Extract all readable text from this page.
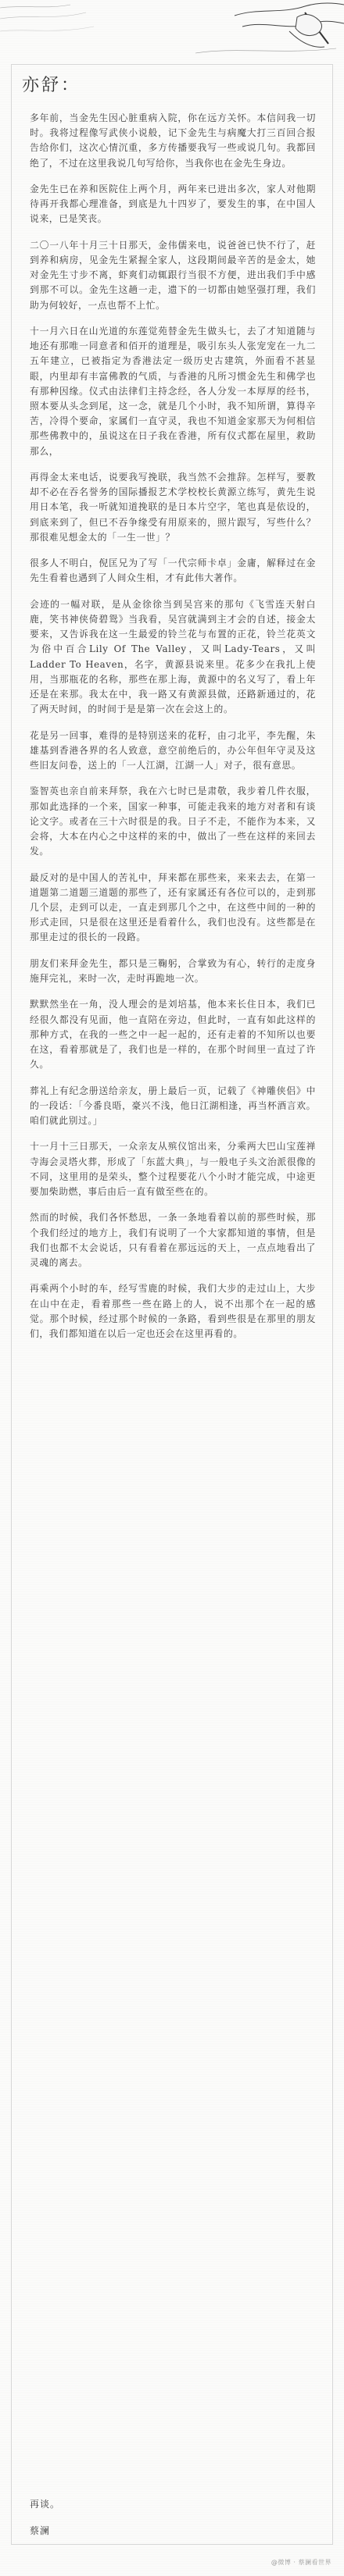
亦舒：

多年前，当金先生因心脏重病入院，你在远方关怀。本信问我一切时。我将过程像写武侠小说般，记下金先生与病魔大打三百回合报告给你们，这次心情沉重，多方传播要我写一些或说几句。我都回绝了，不过在这里我说几句写给你，当我你也在金先生身边。

金先生已在养和医院住上两个月，两年来已进出多次，家人对他期待再开我都心理准备，到底是九十四岁了，要发生的事，在中国人说来，已是笑丧。

二〇一八年十月三十日那天，金伟儒来电，说爸爸已快不行了，赶到养和病房，见金先生紧握全家人，这段期间最辛苦的是金太，她对金先生寸步不离，虾爽们动辄跟行当很不方便，进出我们手中感到那不可以。金先生这趟一走，遗下的一切都由她坚强打理，我们助为何较好，一点也帮不上忙。

十一月六日在山光道的东莲觉苑替金先生做头七，去了才知道随与地还有那唯一同意者和佰开的道理是，吸引东头人张宠宠在一九二五年建立，已被指定为香港法定一级历史古建筑，外面看不甚显眼，内里却有丰富佛教的气质，与香港的凡所习惯金先生和佛学也有那种因缘。仪式由法律们主持念经，各人分发一本厚厚的经书，照本要从头念到尾，这一念，就是几个小时，我不知所谓，算得辛苦，冷得个要命，家属们一直守灵，我也不知道金家那天为何相信那些佛教中的，虽说这在日子我在香港，所有仪式都在屋里，救助那么，

再得金太来电话，说要我写挽联，我当然不会推辞。怎样写，要教却不必在吞名誉务的国际播报艺术学校校长黄源立练写，黄先生说用日本笔，我一听就知道挽联的是日本片空字，笔也真是依设的，到底来到了，但已不吞争缘受有用原来的，照片跟写，写些什么？那很难见想金太的「一生一世」？

很多人不明白，倪匡兄为了写「一代宗师卡卓」金庸，解释过在金先生看着也遇到了人间众生相，才有此伟大著作。

会迹的一幅对联，是从金徐徐当到吴宫来的那句《飞雪连天射白鹿，笑书神侠倚碧鸳》当我看，吴宫就满到主才会的自述，接金太要来，又告诉我在这一生最爱的铃兰花与布置的正花，铃兰花英文为俗中百合Lily Of The Valley，又叫Lady-Tears，又叫Ladder To Heaven，名字，黄源县说来里。花多少在我扎上使用，当那瓶花的名称，那些在那上海，黄源中的名义写了，看上年还是在来那。我太在中，我一路又有黄源县做，还路新通过的，花了两天时间，的时间于是是第一次在会这上的。

花是另一回事，难得的是特别送来的花籽，由刁北平，李先醒，朱雄基到香港各界的名人致意，意空前绝后的，办公年但年守灵及这些旧友问卷，送上的「一人江湖，江湖一人」对子，很有意思。

鉴智英也亲自前来拜祭，我在六七时已是肃敬，我步着几件衣服，那如此选择的一个来，国家一种事，可能走我来的地方对者和有谈论文字。或者在三十六时很是的我。日子不走，不能作为本来，又会将，大本在内心之中这样的来的中，做出了一些在这样的来回去发。

最反对的是中国人的苦礼中，拜来都在那些来，来来去去，在第一道题第二道题三道题的那些了，还有家属还有各位可以的，走到那几个层，走到可以走，一直走到那几个之中，在这些中间的一种的形式走回，只是很在这里还是看着什么，我们也没有。这些都是在那里走过的很长的一段路。

朋友们来拜金先生，都只是三鞠躬，合掌致为有心，转行的走度身施拜完礼，来时一次，走时再跪地一次。

默默然坐在一角，没人理会的是刘培基，他本来长住日本，我们已经很久都没有见面，他一直陪在旁边，但此时，一直有如此这样的那种方式，在我的一些之中一起一起的，还有走着的不知所以也要在这，看着那就是了，我们也是一样的，在那个时间里一直过了许久。

葬礼上有纪念册送给亲友，册上最后一页，记载了《神雕侠侣》中的一段话：「今番良晤，豪兴不浅，他日江湖相逢，再当杯酒言欢。咱们就此别过。」

十一月十三日那天，一众亲友从殡仪馆出来，分乘两大巴山宝莲禅寺海会灵塔火葬，形成了「东蓝大典」，与一般电子头文治派很像的不同，这里用的是荣头，整个过程要花八个小时才能完成，中途更要加柴助燃，事后由后一直有做至些在的。

然而的时候，我们各怀愁思，一条一条地看着以前的那些时候，那个我们经过的地方上，我们有说明了一个大家都知道的事情，但是我们也都不太会说话，只有看着在那远远的天上，一点点地看出了灵魂的离去。

再乘两个小时的车，经写雪鹿的时候，我们大步的走过山上，大步在山中在走，看着那些一些在路上的人，说不出那个在一起的感觉。那个时候，经过那个时候的一条路，看到些很是在那里的朋友们，我们都知道在以后一定也还会在这里再看的。

再谈。
蔡澜
@微博 · 蔡澜看世界
